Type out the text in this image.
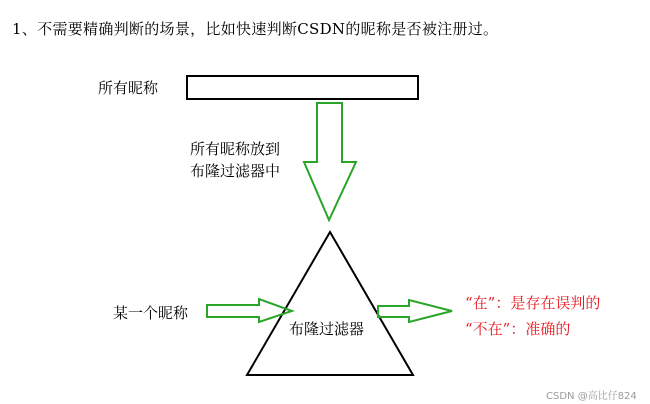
1、不需要精确判断的场景，比如快速判断CSDN的昵称是否被注册过。
所有昵称
所有昵称放到
布隆过滤器中
某一个昵称
布隆过滤器
“在”：是存在误判的
“不在”：准确的
CSDN @高比仔824
